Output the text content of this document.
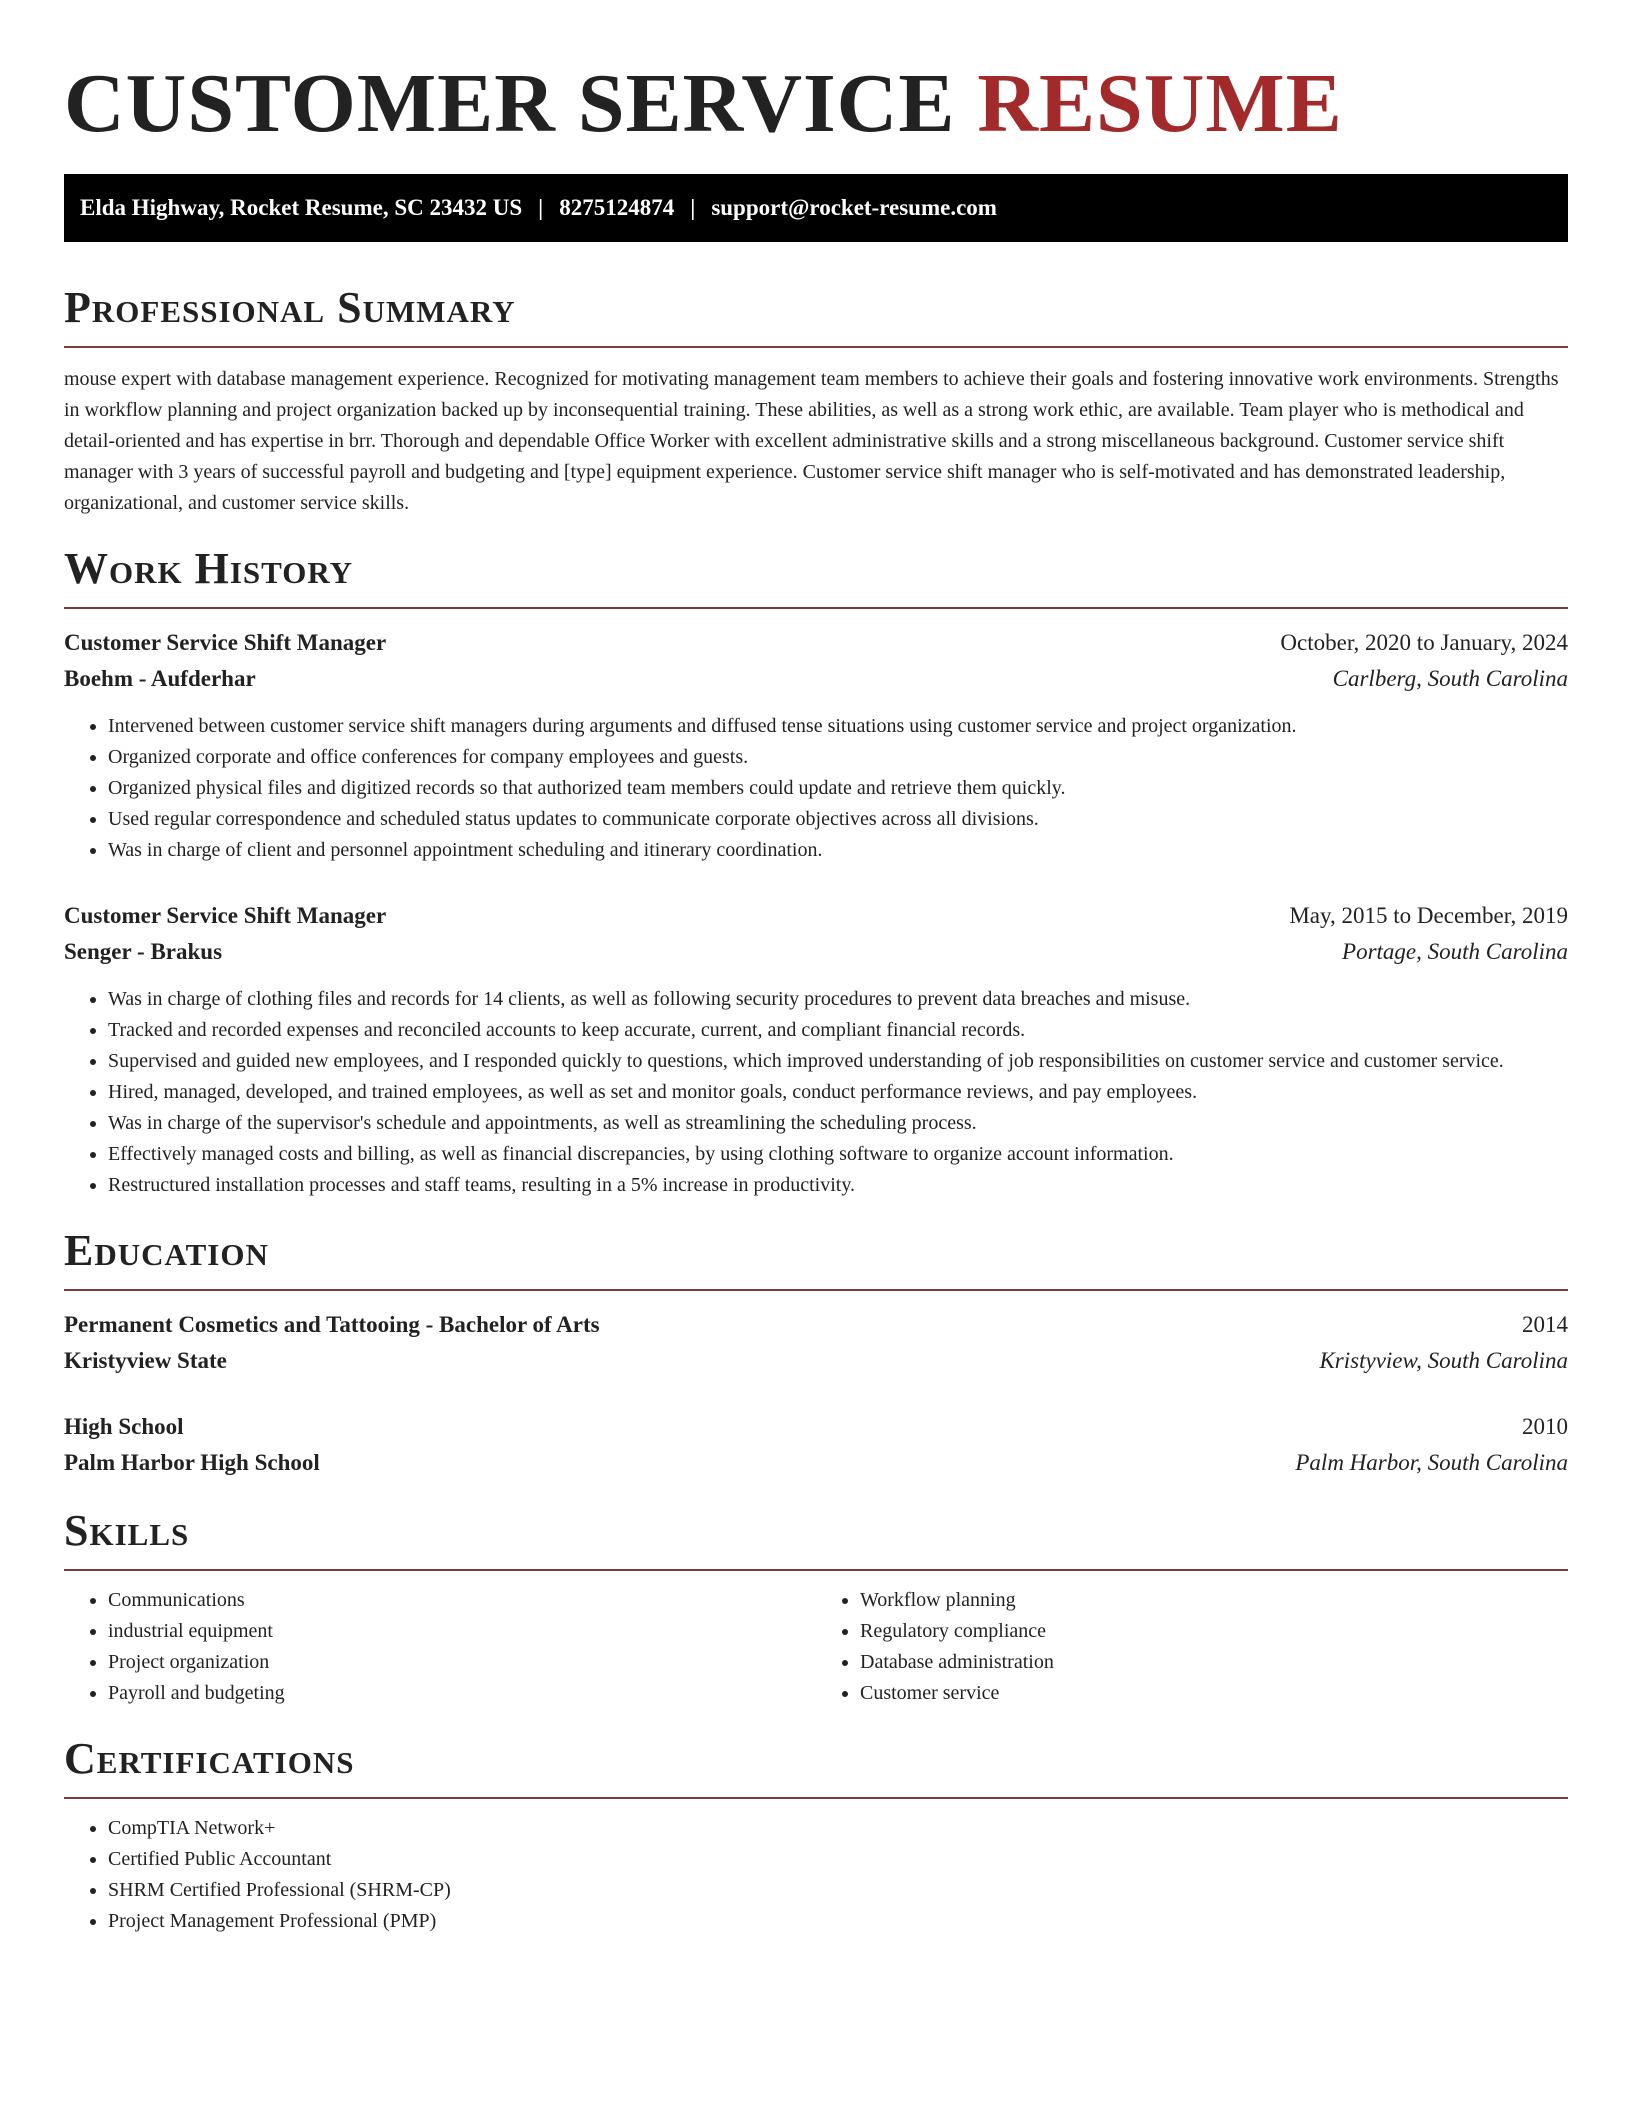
CUSTOMER SERVICE RESUME
Elda Highway, Rocket Resume, SC 23432 US | 8275124874 | support@rocket-resume.com
Professional Summary

mouse expert with database management experience. Recognized for motivating management team members to achieve their goals and fostering innovative work environments. Strengths in workflow planning and project organization backed up by inconsequential training. These abilities, as well as a strong work ethic, are available. Team player who is methodical and detail-oriented and has expertise in brr. Thorough and dependable Office Worker with excellent administrative skills and a strong miscellaneous background. Customer service shift manager with 3 years of successful payroll and budgeting and [type] equipment experience. Customer service shift manager who is self-motivated and has demonstrated leadership, organizational, and customer service skills.

Work History
Customer Service Shift Manager	October, 2020 to January, 2024
Boehm - Aufderhar	Carlberg, South Carolina
• Intervened between customer service shift managers during arguments and diffused tense situations using customer service and project organization.
• Organized corporate and office conferences for company employees and guests.
• Organized physical files and digitized records so that authorized team members could update and retrieve them quickly.
• Used regular correspondence and scheduled status updates to communicate corporate objectives across all divisions.
• Was in charge of client and personnel appointment scheduling and itinerary coordination.
Customer Service Shift Manager	May, 2015 to December, 2019
Senger - Brakus	Portage, South Carolina
• Was in charge of clothing files and records for 14 clients, as well as following security procedures to prevent data breaches and misuse.
• Tracked and recorded expenses and reconciled accounts to keep accurate, current, and compliant financial records.
• Supervised and guided new employees, and I responded quickly to questions, which improved understanding of job responsibilities on customer service and customer service.
• Hired, managed, developed, and trained employees, as well as set and monitor goals, conduct performance reviews, and pay employees.
• Was in charge of the supervisor's schedule and appointments, as well as streamlining the scheduling process.
• Effectively managed costs and billing, as well as financial discrepancies, by using clothing software to organize account information.
• Restructured installation processes and staff teams, resulting in a 5% increase in productivity.
Education
Permanent Cosmetics and Tattooing - Bachelor of Arts	2014
Kristyview State	Kristyview, South Carolina
High School	2010
Palm Harbor High School	Palm Harbor, South Carolina
Skills
• Communications
• industrial equipment
• Project organization
• Payroll and budgeting
• Workflow planning
• Regulatory compliance
• Database administration
• Customer service
Certifications
• CompTIA Network+
• Certified Public Accountant
• SHRM Certified Professional (SHRM-CP)
• Project Management Professional (PMP)
